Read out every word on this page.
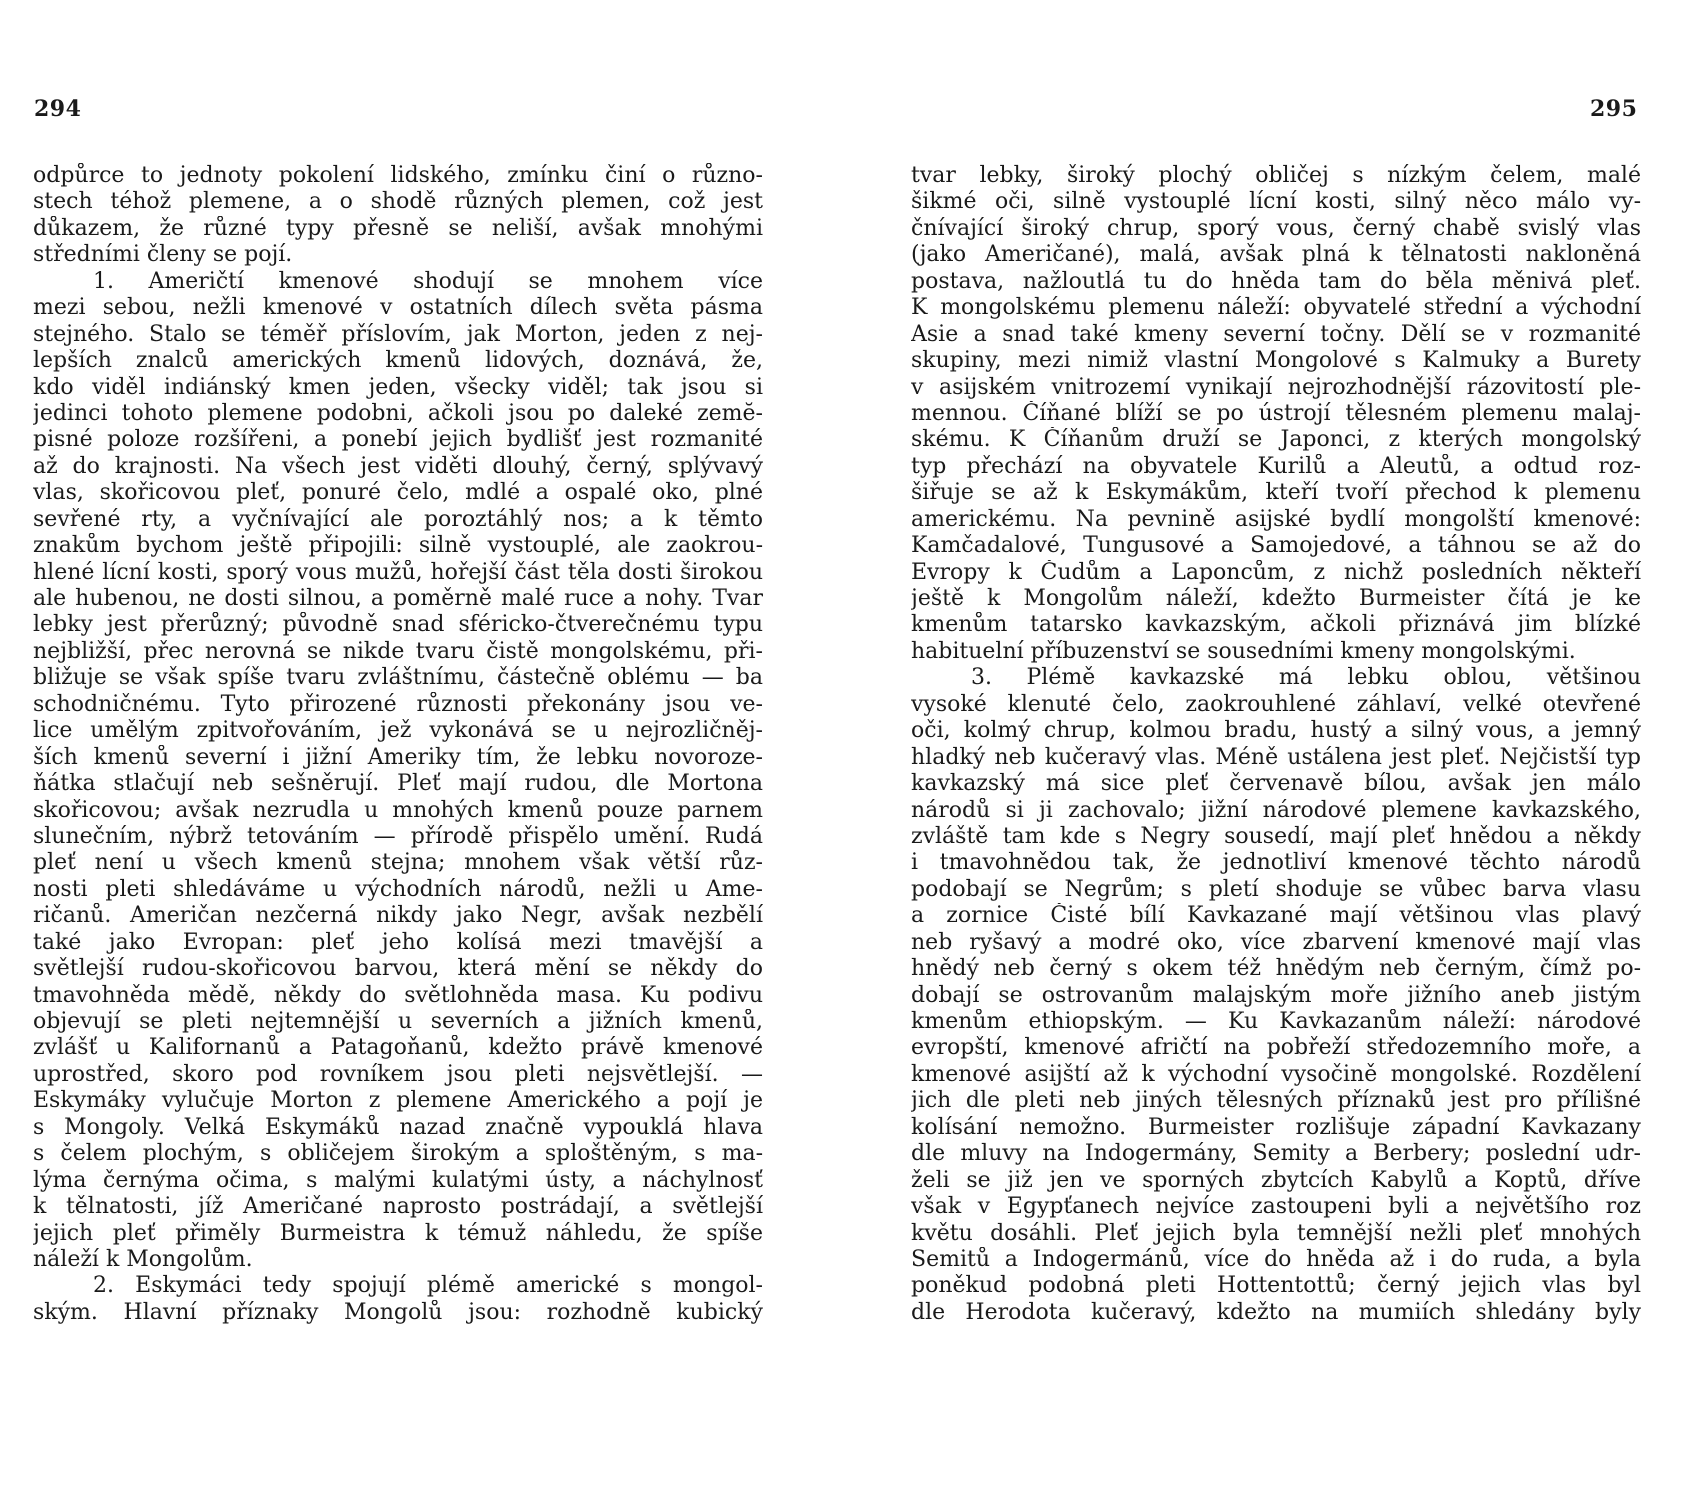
294	295
odpůrce to jednoty pokolení lidského, zmínku činí o různo-
stech téhož plemene, a o shodě různých plemen, což jest
důkazem, že různé typy přesně se neliší, avšak mnohými
středními členy se pojí.
1. Američtí kmenové shodují se mnohem více
mezi sebou, nežli kmenové v ostatních dílech světa pásma
stejného. Stalo se téměř příslovím, jak Morton, jeden z nej-
lepších znalců amerických kmenů lidových, doznává, že,
kdo viděl indiánský kmen jeden, všecky viděl; tak jsou si
jedinci tohoto plemene podobni, ačkoli jsou po daleké zemĕ-
pisné poloze rozšířeni, a ponebí jejich bydlišť jest rozmanité
až do krajnosti. Na všech jest viděti dlouhý, černý, splývavý
vlas, skořicovou pleť, ponuré čelo, mdlé a ospalé oko, plné
sevřené rty, a vyčnívající ale poroztáhlý nos; a k těmto
znakům bychom ještě připojili: silně vystouplé, ale zaokrou-
hlené lícní kosti, sporý vous mužů, hořejší část těla dosti širokou
ale hubenou, ne dosti silnou, a poměrně malé ruce a nohy. Tvar
lebky jest přerůzný; původně snad sféricko-čtverečnému typu
nejbližší, přec nerovná se nikde tvaru čistě mongolskému, při-
bližuje se však spíše tvaru zvláštnímu, částečně oblému — ba
schodničnému. Tyto přirozené různosti překonány jsou ve-
lice umělým zpitvořováním, jež vykonává se u nejrozličněj-
ších kmenů severní i jižní Ameriky tím, že lebku novoroze-
ňátka stlačují neb sešněrují. Pleť mají rudou, dle Mortona
skořicovou; avšak nezrudla u mnohých kmenů pouze parnem
slunečním, nýbrž tetováním — přírodě přispělo umění. Rudá
pleť není u všech kmenů stejna; mnohem však větší růz-
nosti pleti shledáváme u východních národů, nežli u Ame-
ričanů. Američan nezčerná nikdy jako Negr, avšak nezbělí
také jako Evropan: pleť jeho kolísá mezi tmavější a
světlejší rudou-skořicovou barvou, která mění se někdy do
tmavohněda mědě, někdy do světlohněda masa. Ku podivu
objevují se pleti nejtemnější u severních a jižních kmenů,
zvlášť u Kalifornanů a Patagoňanů, kdežto právě kmenové
uprostřed, skoro pod rovníkem jsou pleti nejsvětlejší. —
Eskymáky vylučuje Morton z plemene Amerického a pojí je
s Mongoly. Velká Eskymáků nazad značně vypouklá hlava
s čelem plochým, s obličejem širokým a sploštěným, s ma-
lýma černýma očima, s malými kulatými ústy, a náchylnosť
k tělnatosti, jíž Američané naprosto postrádají, a světlejší
jejich pleť přiměly Burmeistra k témuž náhledu, že spíše
náleží k Mongolům.
2. Eskymáci tedy spojují plémě americké s mongol-
ským. Hlavní příznaky Mongolů jsou: rozhodně kubický
tvar lebky, široký plochý obličej s nízkým čelem, malé
šikmé oči, silně vystouplé lícní kosti, silný něco málo vy-
čnívající široký chrup, sporý vous, černý chabě svislý vlas
(jako Američané), malá, avšak plná k tělnatosti nakloněná
postava, nažloutlá tu do hněda tam do běla měnivá pleť.
K mongolskému plemenu náleží: obyvatelé střední a východní
Asie a snad také kmeny severní točny. Dělí se v rozmanité
skupiny, mezi nimiž vlastní Mongolové s Kalmuky a Burety
v asijském vnitrozemí vynikají nejrozhodnější rázovitostí ple-
mennou. Číňané blíží se po ústrojí tělesném plemenu malaj-
skému. K Číňanům druží se Japonci, z kterých mongolský
typ přechází na obyvatele Kurilů a Aleutů, a odtud roz-
šiřuje se až k Eskymákům, kteří tvoří přechod k plemenu
americkému. Na pevnině asijské bydlí mongolští kmenové:
Kamčadalové, Tungusové a Samojedové, a táhnou se až do
Evropy k Čudům a Laponcům, z nichž posledních někteří
ještě k Mongolům náleží, kdežto Burmeister čítá je ke
kmenům tatarsko kavkazským, ačkoli přiznává jim blízké
habituelní příbuzenství se sousedními kmeny mongolskými.
3. Plémě kavkazské má lebku oblou, většinou
vysoké klenuté čelo, zaokrouhlené záhlaví, velké otevřené
oči, kolmý chrup, kolmou bradu, hustý a silný vous, a jemný
hladký neb kučeravý vlas. Méně ustálena jest pleť. Nejčistší typ
kavkazský má sice pleť červenavě bílou, avšak jen málo
národů si ji zachovalo; jižní národové plemene kavkazského,
zvláště tam kde s Negry sousedí, mají pleť hnědou a někdy
i tmavohnědou tak, že jednotliví kmenové těchto národů
podobají se Negrům; s pletí shoduje se vůbec barva vlasu
a zornice Čisté bílí Kavkazané mají většinou vlas plavý
neb ryšavý a modré oko, více zbarvení kmenové mají vlas
hnědý neb černý s okem též hnědým neb černým, čímž po-
dobají se ostrovanům malajským moře jižního aneb jistým
kmenům ethiopským. — Ku Kavkazanům náleží: národové
evropští, kmenové afričtí na pobřeží středozemního moře, a
kmenové asijští až k východní vysočině mongolské. Rozdělení
jich dle pleti neb jiných tělesných příznaků jest pro přílišné
kolísání nemožno. Burmeister rozlišuje západní Kavkazany
dle mluvy na Indogermány, Semity a Berbery; poslední udr-
želi se již jen ve sporných zbytcích Kabylů a Koptů, dříve
však v Egypťanech nejvíce zastoupeni byli a největšího roz
květu dosáhli. Pleť jejich byla temnější nežli pleť mnohých
Semitů a Indogermánů, více do hněda až i do ruda, a byla
poněkud podobná pleti Hottentottů; černý jejich vlas byl
dle Herodota kučeravý, kdežto na mumiích shledány byly
